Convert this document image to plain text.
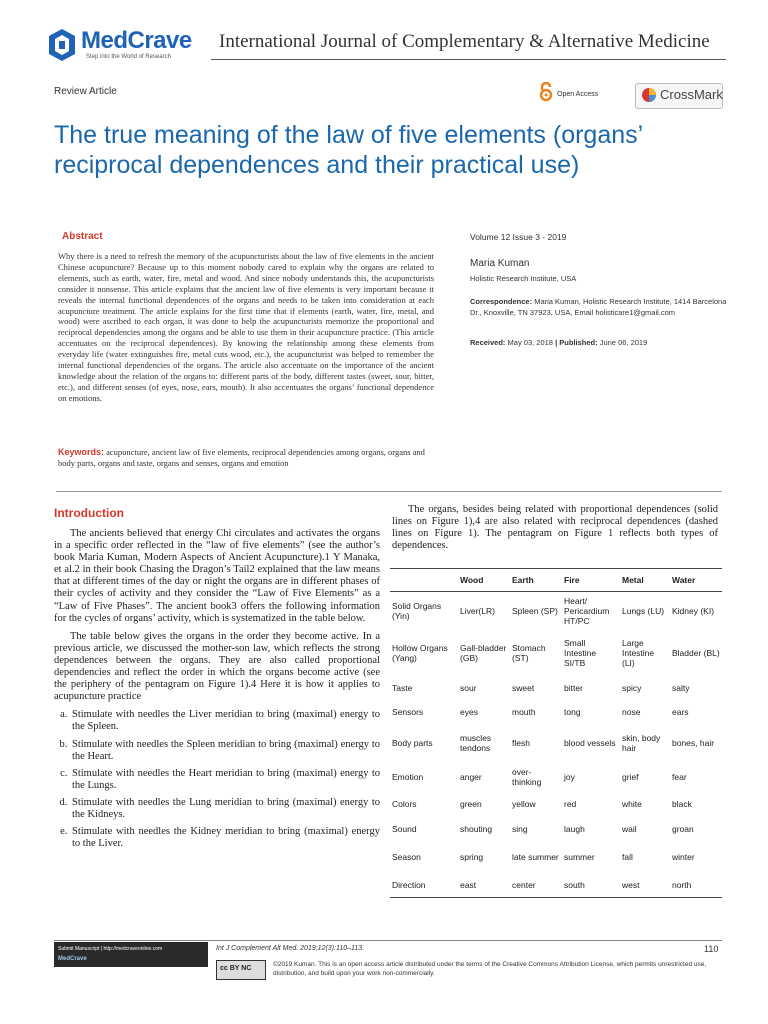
MedCrave
Step into the World of Research
International Journal of Complementary & Alternative Medicine
Review Article	Open Access	CrossMark
The true meaning of the law of five elements (organs’ reciprocal dependences and their practical use)
Abstract
Why there is a need to refresh the memory of the acupuncturists about the law of five elements in the ancient Chinese acupuncture? Because up to this moment nobody cared to explain why the organs are related to elements, such as earth, water, fire, metal and wood. And since nobody understands this, the acupuncturists consider it nonsense. This article explains that the ancient law of five elements is very important because it reveals the internal functional dependences of the organs and needs to be taken into consideration at each acupuncture treatment. The article explains for the first time that if elements (earth, water, fire, metal, and wood) were ascribed to each organ, it was done to help the acupuncturists memorize the proportional and reciprocal dependencies among the organs and be able to use them in their acupuncture practice. (This article accentuates on the reciprocal dependences). By knowing the relationship among these elements from everyday life (water extinguishes fire, metal cuts wood, etc.), the acupuncturist was helped to remember the internal functional dependencies of the organs. The article also accentuate on the importance of the ancient knowledge about the relation of the organs to: different parts of the body, different tastes (sweet, sour, bitter, etc.), and different senses (of eyes, nose, ears, mouth). It also accentuates the organs’ functional dependence on emotions.
Keywords: acupuncture, ancient law of five elements, reciprocal dependencies among organs, organs and body parts, organs and taste, organs and senses, organs and emotion
Volume 12 Issue 3 - 2019
Maria Kuman
Holistic Research Institute, USA
Correspondence: Maria Kuman, Holistic Research Institute, 1414 Barcelona Dr., Knoxville, TN 37923, USA, Email holisticare1@gmail.com
Received: May 03, 2018 | Published: June 06, 2019
Introduction

The ancients believed that energy Chi circulates and activates the organs in a specific order reflected in the “law of five elements” (see the author’s book Maria Kuman, Modern Aspects of Ancient Acupuncture).1 Y Manaka, et al.2 in their book Chasing the Dragon’s Tail2 explained that the law means that at different times of the day or night the organs are in different phases of their cycles of activity and they consider the “Law of Five Elements” as a “Law of Five Phases”. The ancient book3 offers the following information for the cycles of organs’ activity, which is systematized in the table below.

The table below gives the organs in the order they become active. In a previous article, we discussed the mother-son law, which reflects the strong dependences between the organs. They are also called proportional dependencies and reflect the order in which the organs become active (see the periphery of the pentagram on Figure 1).4 Here it is how it applies to acupuncture practice

a. Stimulate with needles the Liver meridian to bring (maximal) energy to the Spleen.
b. Stimulate with needles the Spleen meridian to bring (maximal) energy to the Heart.
c. Stimulate with needles the Heart meridian to bring (maximal) energy to the Lungs.
d. Stimulate with needles the Lung meridian to bring (maximal) energy to the Kidneys.
e. Stimulate with needles the Kidney meridian to bring (maximal) energy to the Liver.
The organs, besides being related with proportional dependences (solid lines on Figure 1),4 are also related with reciprocal dependences (dashed lines on Figure 1). The pentagram on Figure 1 reflects both types of dependences.
	Wood	Earth	Fire	Metal	Water
Solid Organs (Yin)	Liver(LR)	Spleen (SP)	Heart/ Pericardium HT/PC	Lungs (LU)	Kidney (KI)
Hollow Organs (Yang)	Gall-bladder (GB)	Stomach (ST)	Small Intestine SI/TB	Large Intestine (LI)	Bladder (BL)
Taste	sour	sweet	bitter	spicy	salty
Sensors	eyes	mouth	tong	nose	ears
Body parts	muscles tendons	flesh	blood vessels	skin, body hair	bones, hair
Emotion	anger	over-thinking	joy	grief	fear
Colors	green	yellow	red	white	black
Sound	shouting	sing	laugh	wail	groan
Season	spring	late summer	summer	fall	winter
Direction	east	center	south	west	north
Submit Manuscript | http://medcraveonline.com
MedCrave
Int J Complement Alt Med. 2019;12(3):110‒113.	110
cc BY NC
©2019 Kuman. This is an open access article distributed under the terms of the Creative Commons Attribution License, which permits unrestricted use, distribution, and build upon your work non-commercially.
